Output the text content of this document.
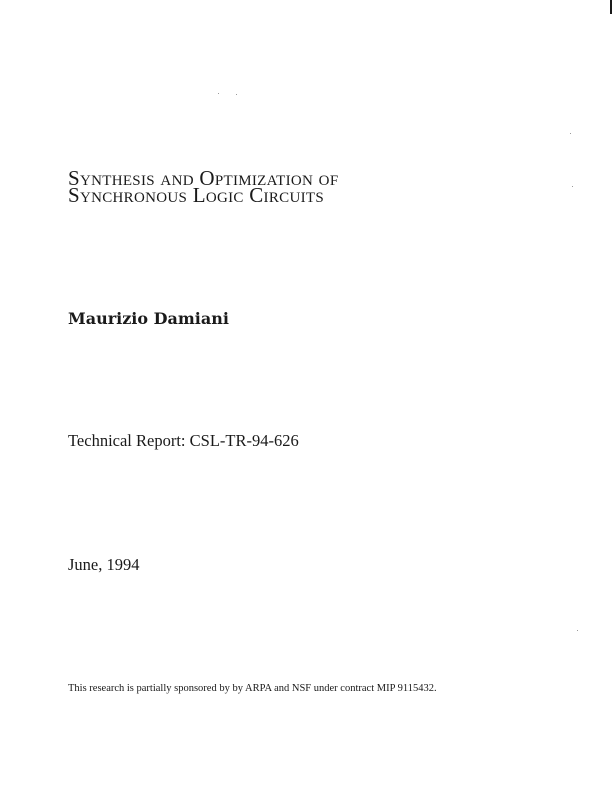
Synthesis and Optimization of
Synchronous Logic Circuits

Maurizio Damiani

Technical Report: CSL-TR-94-626

June, 1994

This research is partially sponsored by by ARPA and NSF under contract MIP 9115432.
